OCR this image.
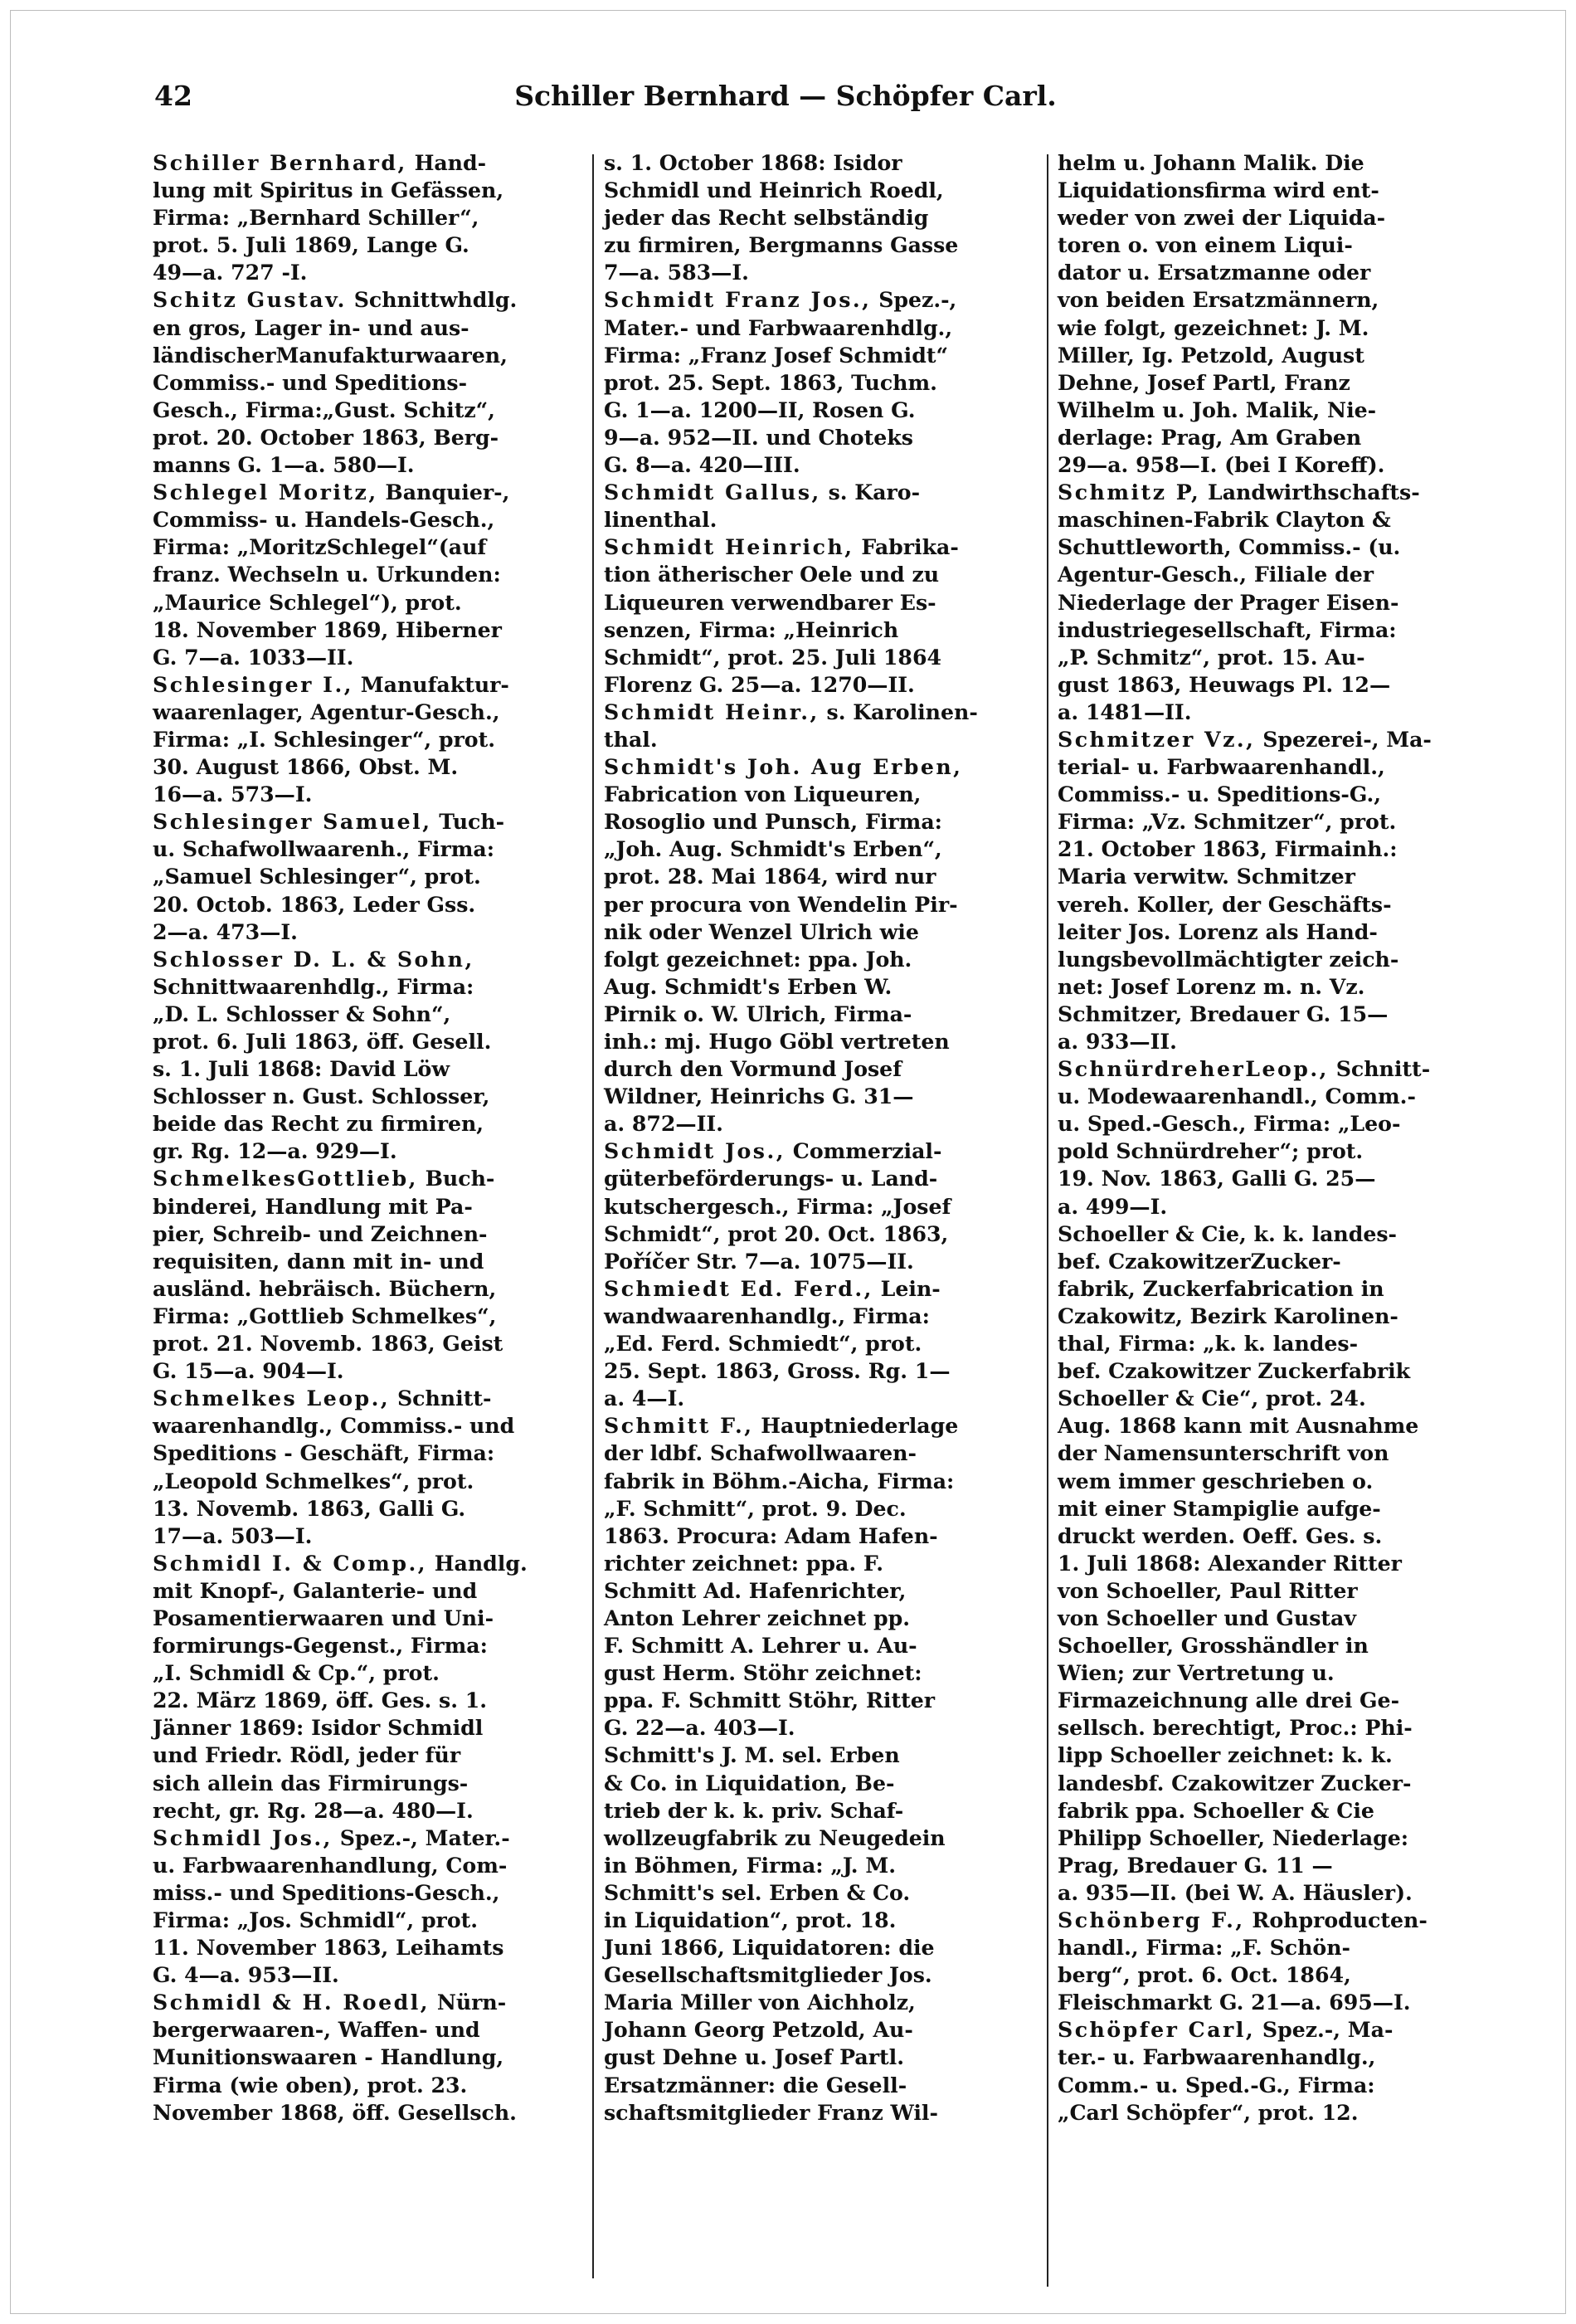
42	Schiller Bernhard — Schöpfer Carl.

Schiller Bernhard, Hand-
lung mit Spiritus in Gefässen,
Firma: „Bernhard Schiller“,
prot. 5. Juli 1869, Lange G.
49—a. 727 -I.

Schitz Gustav. Schnittwhdlg.
en gros, Lager in- und aus-
ländischerManufakturwaaren,
Commiss.- und Speditions-
Gesch., Firma:„Gust. Schitz“,
prot. 20. October 1863, Berg-
manns G. 1—a. 580—I.

Schlegel Moritz, Banquier-,
Commiss- u. Handels-Gesch.,
Firma: „MoritzSchlegel“(auf
franz. Wechseln u. Urkunden:
„Maurice Schlegel“), prot.
18. November 1869, Hiberner
G. 7—a. 1033—II.

Schlesinger I., Manufaktur-
waarenlager, Agentur-Gesch.,
Firma: „I. Schlesinger“, prot.
30. August 1866, Obst. M.
16—a. 573—I.

Schlesinger Samuel, Tuch-
u. Schafwollwaarenh., Firma:
„Samuel Schlesinger“, prot.
20. Octob. 1863, Leder Gss.
2—a. 473—I.

Schlosser D. L. & Sohn,
Schnittwaarenhdlg., Firma:
„D. L. Schlosser & Sohn“,
prot. 6. Juli 1863, öff. Gesell.
s. 1. Juli 1868: David Löw
Schlosser n. Gust. Schlosser,
beide das Recht zu firmiren,
gr. Rg. 12—a. 929—I.

SchmelkesGottlieb, Buch-
binderei, Handlung mit Pa-
pier, Schreib- und Zeichnen-
requisiten, dann mit in- und
ausländ. hebräisch. Büchern,
Firma: „Gottlieb Schmelkes“,
prot. 21. Novemb. 1863, Geist
G. 15—a. 904—I.

Schmelkes Leop., Schnitt-
waarenhandlg., Commiss.- und
Speditions - Geschäft, Firma:
„Leopold Schmelkes“, prot.
13. Novemb. 1863, Galli G.
17—a. 503—I.

Schmidl I. & Comp., Handlg.
mit Knopf-, Galanterie- und
Posamentierwaaren und Uni-
formirungs-Gegenst., Firma:
„I. Schmidl & Cp.“, prot.
22. März 1869, öff. Ges. s. 1.
Jänner 1869: Isidor Schmidl
und Friedr. Rödl, jeder für
sich allein das Firmirungs-
recht, gr. Rg. 28—a. 480—I.

Schmidl Jos., Spez.-, Mater.-
u. Farbwaarenhandlung, Com-
miss.- und Speditions-Gesch.,
Firma: „Jos. Schmidl“, prot.
11. November 1863, Leihamts
G. 4—a. 953—II.

Schmidl & H. Roedl, Nürn-
bergerwaaren-, Waffen- und
Munitionswaaren - Handlung,
Firma (wie oben), prot. 23.
November 1868, öff. Gesellsch.

s. 1. October 1868: Isidor
Schmidl und Heinrich Roedl,
jeder das Recht selbständig
zu firmiren, Bergmanns Gasse
7—a. 583—I.

Schmidt Franz Jos., Spez.-,
Mater.- und Farbwaarenhdlg.,
Firma: „Franz Josef Schmidt“
prot. 25. Sept. 1863, Tuchm.
G. 1—a. 1200—II, Rosen G.
9—a. 952—II. und Choteks
G. 8—a. 420—III.

Schmidt Gallus, s. Karo-
linenthal.

Schmidt Heinrich, Fabrika-
tion ätherischer Oele und zu
Liqueuren verwendbarer Es-
senzen, Firma: „Heinrich
Schmidt“, prot. 25. Juli 1864
Florenz G. 25—a. 1270—II.

Schmidt Heinr., s. Karolinen-
thal.

Schmidt's Joh. Aug Erben,
Fabrication von Liqueuren,
Rosoglio und Punsch, Firma:
„Joh. Aug. Schmidt's Erben“,
prot. 28. Mai 1864, wird nur
per procura von Wendelin Pir-
nik oder Wenzel Ulrich wie
folgt gezeichnet: ppa. Joh.
Aug. Schmidt's Erben W.
Pirnik o. W. Ulrich, Firma-
inh.: mj. Hugo Göbl vertreten
durch den Vormund Josef
Wildner, Heinrichs G. 31—
a. 872—II.

Schmidt Jos., Commerzial-
güterbeförderungs- u. Land-
kutschergesch., Firma: „Josef
Schmidt“, prot 20. Oct. 1863,
Poříčer Str. 7—a. 1075—II.

Schmiedt Ed. Ferd., Lein-
wandwaarenhandlg., Firma:
„Ed. Ferd. Schmiedt“, prot.
25. Sept. 1863, Gross. Rg. 1—
a. 4—I.

Schmitt F., Hauptniederlage
der ldbf. Schafwollwaaren-
fabrik in Böhm.-Aicha, Firma:
„F. Schmitt“, prot. 9. Dec.
1863. Procura: Adam Hafen-
richter zeichnet: ppa. F.
Schmitt Ad. Hafenrichter,
Anton Lehrer zeichnet pp.
F. Schmitt A. Lehrer u. Au-
gust Herm. Stöhr zeichnet:
ppa. F. Schmitt Stöhr, Ritter
G. 22—a. 403—I.

Schmitt's J. M. sel. Erben
& Co. in Liquidation, Be-
trieb der k. k. priv. Schaf-
wollzeugfabrik zu Neugedein
in Böhmen, Firma: „J. M.
Schmitt's sel. Erben & Co.
in Liquidation“, prot. 18.
Juni 1866, Liquidatoren: die
Gesellschaftsmitglieder Jos.
Maria Miller von Aichholz,
Johann Georg Petzold, Au-
gust Dehne u. Josef Partl.
Ersatzmänner: die Gesell-
schaftsmitglieder Franz Wil-

helm u. Johann Malik. Die
Liquidationsfirma wird ent-
weder von zwei der Liquida-
toren o. von einem Liqui-
dator u. Ersatzmanne oder
von beiden Ersatzmännern,
wie folgt, gezeichnet: J. M.
Miller, Ig. Petzold, August
Dehne, Josef Partl, Franz
Wilhelm u. Joh. Malik, Nie-
derlage: Prag, Am Graben
29—a. 958—I. (bei I Koreff).

Schmitz P, Landwirthschafts-
maschinen-Fabrik Clayton &
Schuttleworth, Commiss.- (u.
Agentur-Gesch., Filiale der
Niederlage der Prager Eisen-
industriegesellschaft, Firma:
„P. Schmitz“, prot. 15. Au-
gust 1863, Heuwags Pl. 12—
a. 1481—II.

Schmitzer Vz., Spezerei-, Ma-
terial- u. Farbwaarenhandl.,
Commiss.- u. Speditions-G.,
Firma: „Vz. Schmitzer“, prot.
21. October 1863, Firmainh.:
Maria verwitw. Schmitzer
vereh. Koller, der Geschäfts-
leiter Jos. Lorenz als Hand-
lungsbevollmächtigter zeich-
net: Josef Lorenz m. n. Vz.
Schmitzer, Bredauer G. 15—
a. 933—II.

SchnürdreherLeop., Schnitt-
u. Modewaarenhandl., Comm.-
u. Sped.-Gesch., Firma: „Leo-
pold Schnürdreher“; prot.
19. Nov. 1863, Galli G. 25—
a. 499—I.

Schoeller & Cie, k. k. landes-
bef. CzakowitzerZucker-
fabrik, Zuckerfabrication in
Czakowitz, Bezirk Karolinen-
thal, Firma: „k. k. landes-
bef. Czakowitzer Zuckerfabrik
Schoeller & Cie“, prot. 24.
Aug. 1868 kann mit Ausnahme
der Namensunterschrift von
wem immer geschrieben o.
mit einer Stampiglie aufge-
druckt werden. Oeff. Ges. s.
1. Juli 1868: Alexander Ritter
von Schoeller, Paul Ritter
von Schoeller und Gustav
Schoeller, Grosshändler in
Wien; zur Vertretung u.
Firmazeichnung alle drei Ge-
sellsch. berechtigt, Proc.: Phi-
lipp Schoeller zeichnet: k. k.
landesbf. Czakowitzer Zucker-
fabrik ppa. Schoeller & Cie
Philipp Schoeller, Niederlage:
Prag, Bredauer G. 11 —
a. 935—II. (bei W. A. Häusler).

Schönberg F., Rohproducten-
handl., Firma: „F. Schön-
berg“, prot. 6. Oct. 1864,
Fleischmarkt G. 21—a. 695—I.

Schöpfer Carl, Spez.-, Ma-
ter.- u. Farbwaarenhandlg.,
Comm.- u. Sped.-G., Firma:
„Carl Schöpfer“, prot. 12.
